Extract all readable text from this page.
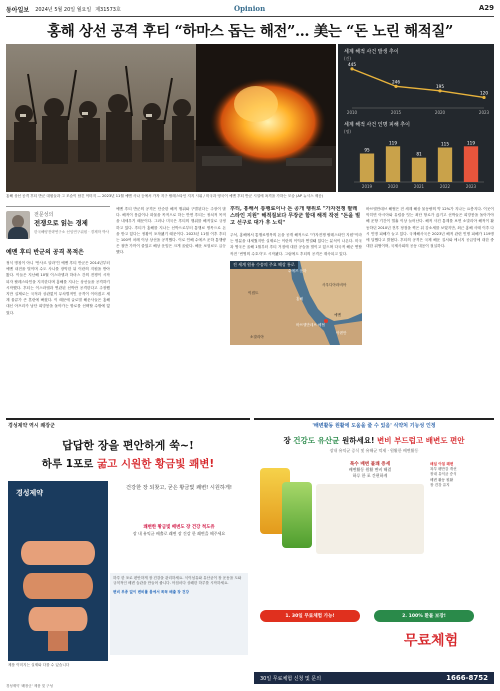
동아일보 2024년 5월 20일 월요일 제31573호	Opinion	A29
홍해 상선 공격 후티 “하마스 돕는 해전”… 美는 “돈 노린 해적질”
세계 해적 사건 발생 추이
(건)
445
2010
246
2015
195
2020
120
2023
세계 해적 사건 인명 피해 추이
(명)
95
2019
119
2020
81
2021
115
2022
119
2023
홍해 상선 공격 후티 반군 대원들과 그 모습이 담긴 이미지 — 2023년 11월 예멘 사나 등에서 가자 지구 팔레스타인 지지 시위 / 미국과 영국이 예멘 후티 반군 시설에 폭격을 가하는 모습 (AP 뉴시스 제공)
전문성의
전쟁으로 읽는 경제
한국해양전략연구소 선임연구위원 · 경제학 박사
예멘 후티 반군의 공격 목적은
정식 명칭이 아니 ‘안사르 알라’인 예멘 후티 반군은 2014년부터 예멘 내전을 벌이며 수도 사나를 장악한 뒤 이란의 지원을 받아 왔다. 이들은 지난해 10월 이스라엘과 하마스 간의 전쟁이 시작되자 팔레스타인을 지지한다며 홍해를 지나는 상선들을 공격하기 시작했다. 후티는 이스라엘과 연관된 선박만 공격한다고 주장했지만 실제로는 국적과 상관없이 무차별적인 공격이 이어졌고 세계 물류가 큰 혼란에 빠졌다. 이 때문에 글로벌 해운사들은 홍해 대신 아프리카 남단 희망봉을 돌아가는 항로를 선택할 수밖에 없었다.
예멘 후티 반군의 공격은 단순한 해적 행위와 구별된다는 주장이 많다. 해적이 몸값이나 화물을 목적으로 하는 반면 후티는 정치적 목적을 내세우기 때문이다. 그러나 미국은 후티의 행위를 해적질로 규정하고 있다. 후티가 홍해를 지나는 선박으로부터 통행료 명목으로 돈을 받고 있다는 정황이 포착됐기 때문이다. 2023년 11월 이후 후티는 100여 차례 이상 상선을 공격했다. 이로 인해 수에즈 운하 통행량은 절반 가까이 줄었고 해상 운임은 크게 올랐다. 해운 보험료도 급등했다.
후티, 홍해서 통행료이나 돈 공개 행위로 "가자전쟁 팔레스타인 지원" 해적질보다 무장군 함대 해적 작전 "돈을 벌고 선구로 대가 후 노릭"
주석, 홍해에서 통행료명목의 돈을 공개 해적으로 "가자전쟁 팔레스타인 지원"이라는 명분을 내세웠지만 실제로는 이란의 이익과 연결돼 있다는 분석이 나온다. 미국과 영국은 올해 1월부터 후티 거점에 대한 공습을 벌이고 있으며 다국적 해군 연합 작전 ‘번영의 수호자’도 시작됐다. 그럼에도 후티의 공격은 계속되고 있다.
전 세계 원유 수송의 주요 해상 통로
수에즈 운하
홍해
바브엘만데브 해협
예멘
아덴만
사우디아라비아
이집트
소말리아
바브엘만데브 해협은 전 세계 해상 물동량의 약 12%가 지나는 요충지다. 이곳이 막히면 아시아와 유럽을 잇는 최단 항로가 끊기고 선박들은 희망봉을 돌아가야 해 운항 기간이 열흘 이상 늘어난다. 해적 사건 통계를 보면 소말리아 해적이 활동하던 2010년 전후 정점을 찍은 뒤 감소세를 보였지만, 최근 홍해 사태 이후 다시 인명 피해가 늘고 있다. 국제해사국은 2023년 해적 관련 인명 피해가 119명에 달했다고 밝혔다. 후티의 공격은 국제 해운 질서와 에너지 공급망에 대한 중대한 위협이며, 국제사회의 공동 대응이 절실하다.
경성제약 역시 쾌장군
답답한 장을 편안하게 쑥~!
하루 1포로 굶고 시원한 황금빛 쾌변!
경성제약
건강한 장 되찾고, 굳은 황금빛 쾌변! 시원하게!
쾌변한 황금빛 배변도 장 건강 척도쥬
장 내 유익균 배출로 쾌변 장 건강 한 쾌변을 해주세요
하루 한 포로 편안하게 장 건강을 관리하세요. 식이섬유와 유산균이 장 운동을 도와 규칙적인 배변 습관을 만들어 줍니다. 아침마다 상쾌한 하루를 시작하세요.
변비 부종 없이 변비를 몸에서 꼭꼭 배출 장 건강
제품 이미지는 실제와 다를 수 있습니다
'배변활동 원활에 도움을 줄 수 있음' 식약처 기능성 인정
장 건강도 유산균 원하세요! 변비 부드럽고 배변도 편안
장내 유익균 증식 및 유해균 억제 · 원활한 배변활동
목수 배변 불쾌 증세
배변활동 원활 변비 해결
하루 한 포 간편하게
매일 아침 쾌변
복부 팽만감 개선
장내 유익균 증식
배변 활동 원활
장 건강 유지
1. 30일 무료체험 가능!	2. 100% 환불 보장!
무료체험
30일 무료체험 신청 및 문의	1666-8752
경성제약 '쾌장군' 제품 및 구성
